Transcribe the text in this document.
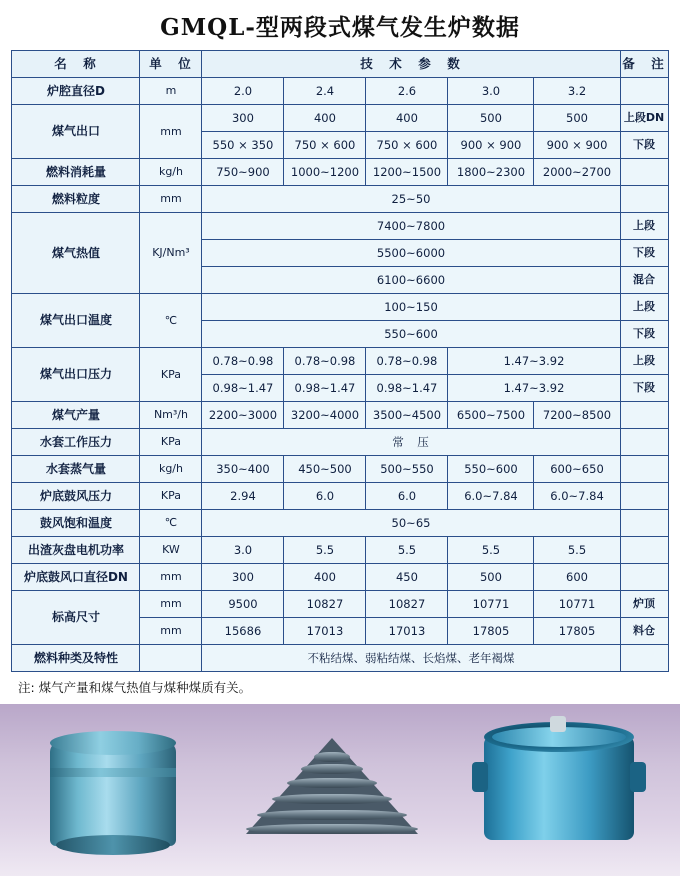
GMQL-型两段式煤气发生炉数据
名　称	单　位	技　术　参　数					备　注
炉腔直径D	m	2.0	2.4	2.6	3.0	3.2	
煤气出口	mm	300	400	400	500	500	上段DN
		550 × 350	750 × 600	750 × 600	900 × 900	900 × 900	下段
燃料消耗量	kg/h	750~900	1000~1200	1200~1500	1800~2300	2000~2700	
燃料粒度	mm	25~50					
煤气热值	KJ/Nm³	7400~7800					上段
		5500~6000					下段
		6100~6600					混合
煤气出口温度	℃	100~150					上段
		550~600					下段
煤气出口压力	KPa	0.78~0.98	0.78~0.98	0.78~0.98	1.47~3.92		上段
		0.98~1.47	0.98~1.47	0.98~1.47	1.47~3.92		下段
煤气产量	Nm³/h	2200~3000	3200~4000	3500~4500	6500~7500	7200~8500	
水套工作压力	KPa	常　压					
水套蒸气量	kg/h	350~400	450~500	500~550	550~600	600~650	
炉底鼓风压力	KPa	2.94	6.0	6.0	6.0~7.84	6.0~7.84	
鼓风饱和温度	℃	50~65					
出渣灰盘电机功率	KW	3.0	5.5	5.5	5.5	5.5	
炉底鼓风口直径DN	mm	300	400	450	500	600	
标高尺寸	mm	9500	10827	10827	10771	10771	炉顶
	mm	15686	17013	17013	17805	17805	料仓
燃料种类及特性		不粘结煤、弱粘结煤、长焰煤、老年褐煤					
注: 煤气产量和煤气热值与煤种煤质有关。
